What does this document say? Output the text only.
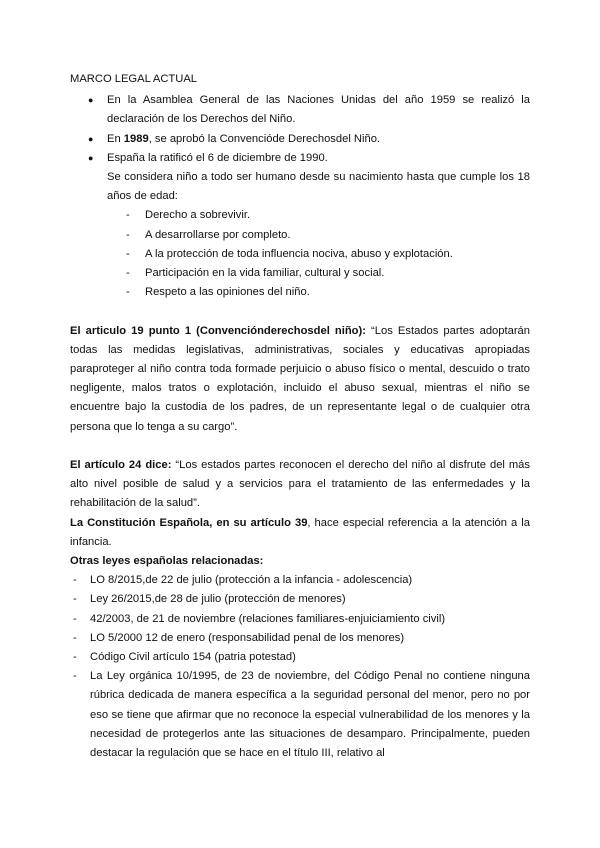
MARCO LEGAL ACTUAL

● En la Asamblea General de las Naciones Unidas del año 1959 se realizó la declaración de los Derechos del Niño.
● En 1989, se aprobó la Convencióde Derechosdel Niño.
● España la ratificó el 6 de diciembre de 1990.

Se considera niño a todo ser humano desde su nacimiento hasta que cumple los 18 años de edad:

- Derecho a sobrevivir.
- A desarrollarse por completo.
- A la protección de toda influencia nociva, abuso y explotación.
- Participación en la vida familiar, cultural y social.
- Respeto a las opiniones del niño.

El articulo 19 punto 1 (Convenciónderechosdel niño): “Los Estados partes adoptarán todas las medidas legislativas, administrativas, sociales y educativas apropiadas paraproteger al niño contra toda formade perjuicio o abuso físico o mental, descuido o trato negligente, malos tratos o explotación, incluido el abuso sexual, mientras el niño se encuentre bajo la custodia de los padres, de un representante legal o de cualquier otra persona que lo tenga a su cargo”.

El artículo 24 dice: “Los estados partes reconocen el derecho del niño al disfrute del más alto nivel posible de salud y a servicios para el tratamiento de las enfermedades y la rehabilitación de la salud”.

La Constitución Española, en su artículo 39, hace especial referencia a la atención a la infancia.

Otras leyes españolas relacionadas:

- LO 8/2015,de 22 de julio (protección a la infancia - adolescencia)
- Ley 26/2015,de 28 de julio (protección de menores)
- 42/2003, de 21 de noviembre (relaciones familiares-enjuiciamiento civil)
- LO 5/2000 12 de enero (responsabilidad penal de los menores)
- Código Civil artículo 154 (patria potestad)
- La Ley orgánica 10/1995, de 23 de noviembre, del Código Penal no contiene ninguna rúbrica dedicada de manera específica a la seguridad personal del menor, pero no por eso se tiene que afirmar que no reconoce la especial vulnerabilidad de los menores y la necesidad de protegerlos ante las situaciones de desamparo. Principalmente, pueden destacar la regulación que se hace en el título III, relativo al
